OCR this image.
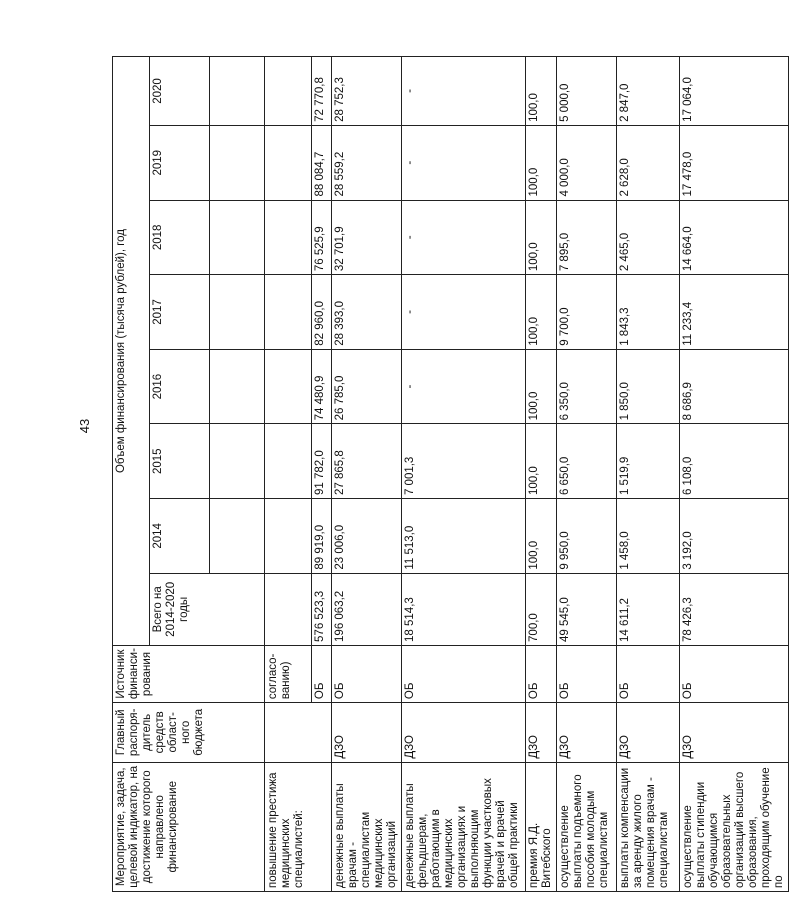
43
Мероприятие, задача, целевой индикатор, на достижение которого направлено финансирование	Главный распоря-дитель средств област-ного бюджета	Источник финанси-рования	Объем финансирования (тысяча рублей), год							
			Всего на 2014-2020 годы	2014	2015	2016	2017	2018	2019	2020

повышение престижа медицинских специалистей:		согласо-ванию)								
		ОБ	576 523,3	89 919,0	91 782,0	74 480,9	82 960,0	76 525,9	88 084,7	72 770,8
денежные выплаты врачам - специалистам медицинских организаций	ДЗО	ОБ	196 063,2	23 006,0	27 865,8	26 785,0	28 393,0	32 701,9	28 559,2	28 752,3
денежные выплаты фельдшерам, работающим в медицинских организациях и выполняющим функции участковых врачей и врачей общей практики	ДЗО	ОБ	18 514,3	11 513,0	7 001,3	-	-	-	-	-
премия Я.Д. Витебского	ДЗО	ОБ	700,0	100,0	100,0	100,0	100,0	100,0	100,0	100,0
осуществление выплаты подъемного пособия молодым специалистам	ДЗО	ОБ	49 545,0	9 950,0	6 650,0	6 350,0	9 700,0	7 895,0	4 000,0	5 000,0
выплаты компенсации за аренду жилого помещения врачам - специалистам	ДЗО	ОБ	14 611,2	1 458,0	1 519,9	1 850,0	1 843,3	2 465,0	2 628,0	2 847,0
осуществление выплаты стипендии обучающимся образовательных организаций высшего образования, проходящим обучение по	ДЗО	ОБ	78 426,3	3 192,0	6 108,0	8 686,9	11 233,4	14 664,0	17 478,0	17 064,0
